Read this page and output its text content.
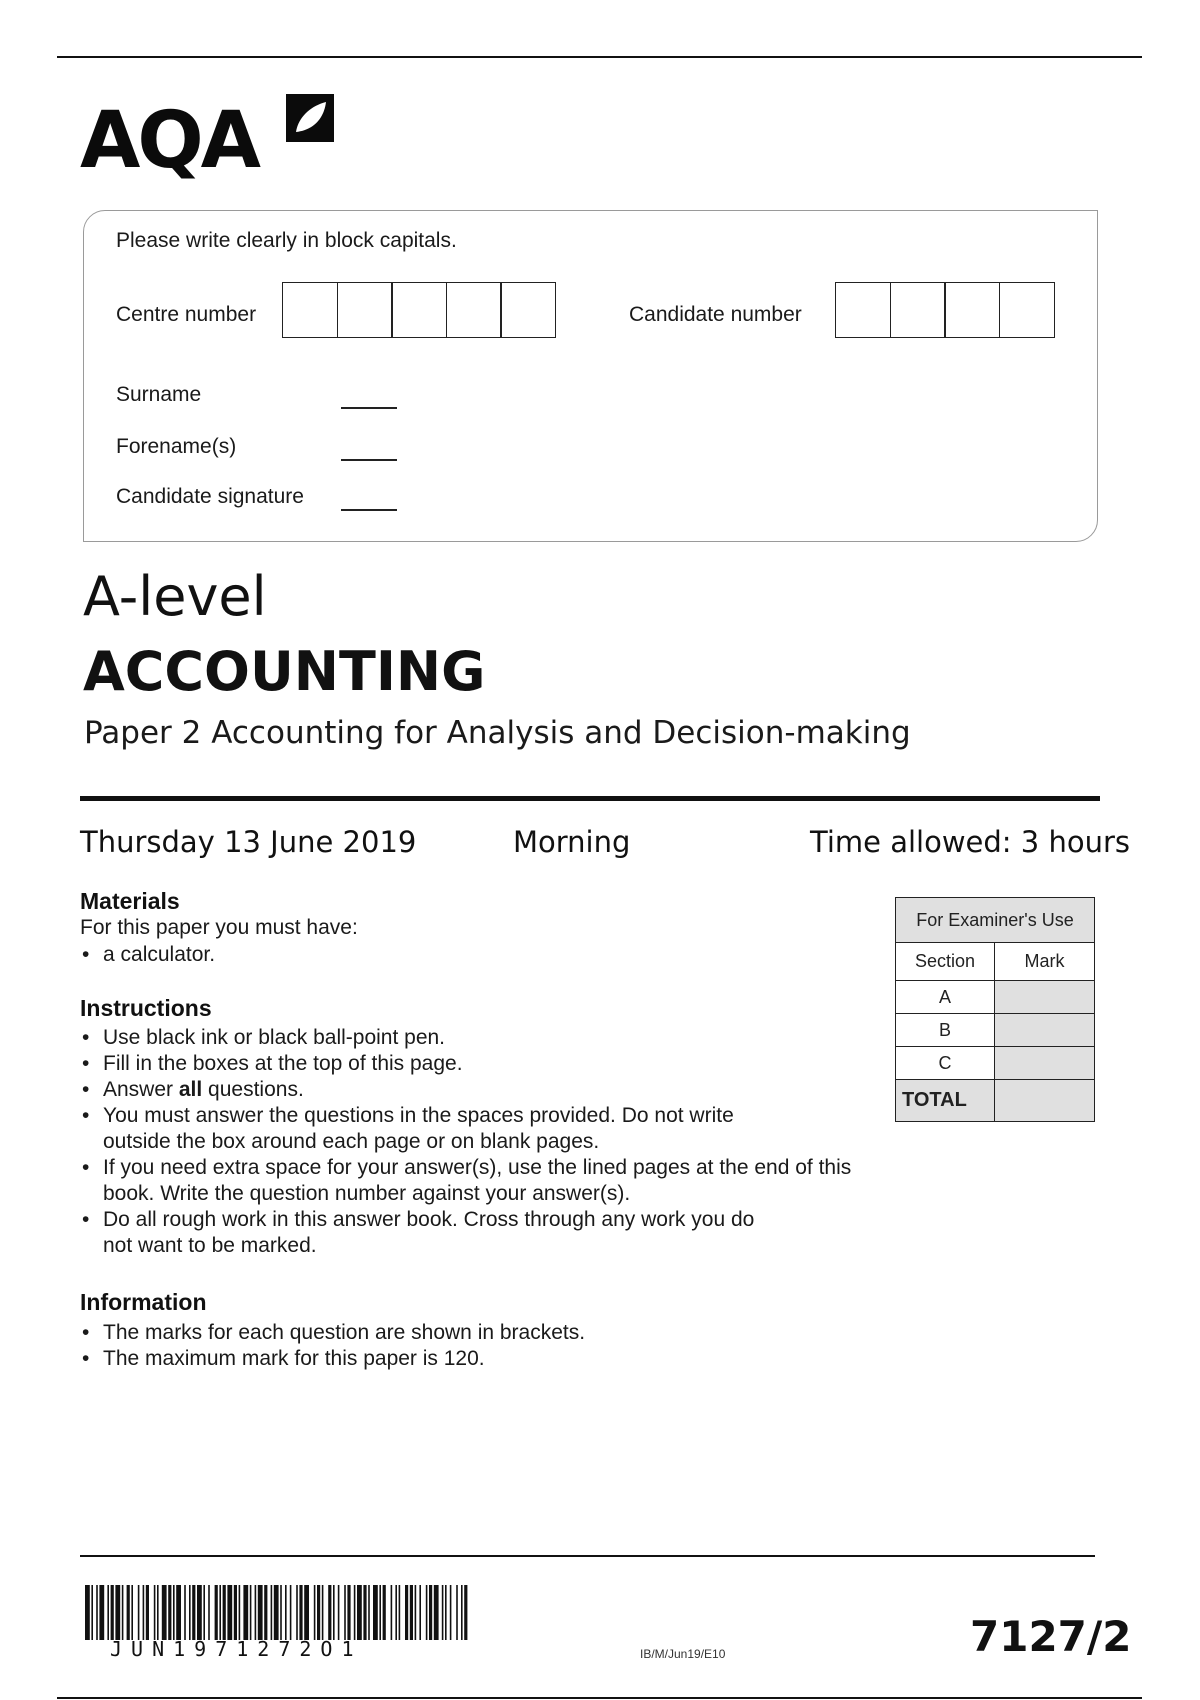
AQA
Please write clearly in block capitals.
Centre number	Candidate number
Surname
Forename(s)
Candidate signature
A-level
ACCOUNTING
Paper 2 Accounting for Analysis and Decision-making
Thursday 13 June 2019	Morning	Time allowed: 3 hours
Materials
For this paper you must have:
• a calculator.
Instructions
• Use black ink or black ball-point pen.
• Fill in the boxes at the top of this page.
• Answer all questions.
• You must answer the questions in the spaces provided. Do not write outside the box around each page or on blank pages.
• If you need extra space for your answer(s), use the lined pages at the end of this book. Write the question number against your answer(s).
• Do all rough work in this answer book. Cross through any work you do not want to be marked.
Information
• The marks for each question are shown in brackets.
• The maximum mark for this paper is 120.
For Examiner's Use	
Section	Mark
A	
B	
C	
TOTAL	
JUN1971272O1	IB/M/Jun19/E10	7127/2
